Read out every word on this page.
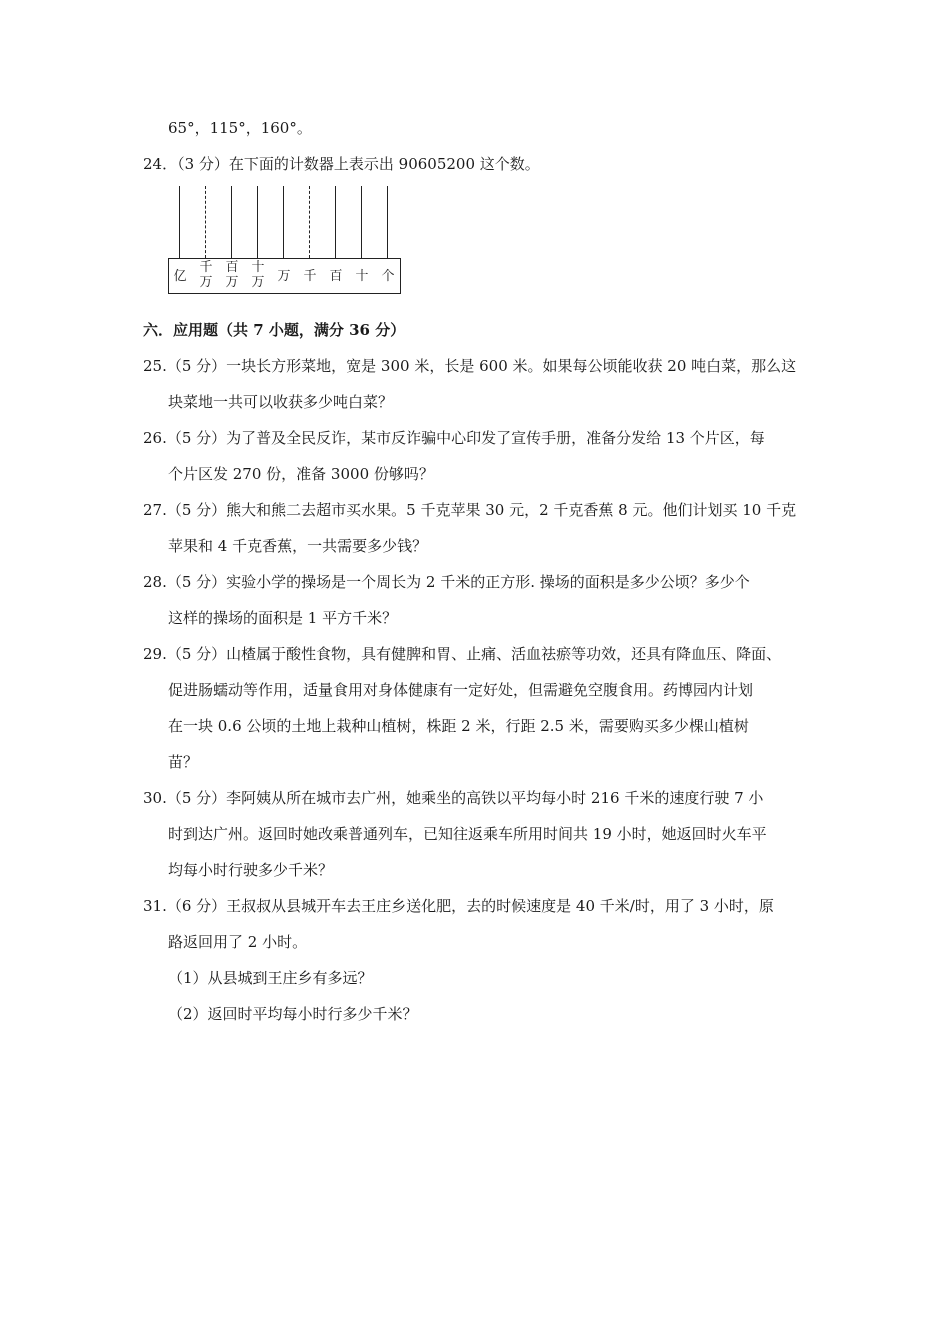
65°，115°，160°。
24．（3 分）在下面的计数器上表示出 90605200 这个数。
亿
千
万
百
万
十
万 万 千 百 十 个
六．应用题（共 7 小题，满分 36 分）
25.（5 分）一块长方形菜地，宽是 300 米，长是 600 米。如果每公顷能收获 20 吨白菜，那么这
块菜地一共可以收获多少吨白菜？
26.（5 分）为了普及全民反诈，某市反诈骗中心印发了宣传手册，准备分发给 13 个片区，每
个片区发 270 份，准备 3000 份够吗？
27.（5 分）熊大和熊二去超市买水果。5 千克苹果 30 元，2 千克香蕉 8 元。他们计划买 10 千克
苹果和 4 千克香蕉，一共需要多少钱？
28.（5 分）实验小学的操场是一个周长为 2 千米的正方形. 操场的面积是多少公顷？多少个
这样的操场的面积是 1 平方千米？
29.（5 分）山楂属于酸性食物，具有健脾和胃、止痛、活血祛瘀等功效，还具有降血压、降面、
促进肠蠕动等作用，适量食用对身体健康有一定好处，但需避免空腹食用。药博园内计划
在一块 0.6 公顷的土地上栽种山植树，株距 2 米，行距 2.5 米，需要购买多少棵山植树
苗？
30.（5 分）李阿姨从所在城市去广州，她乘坐的高铁以平均每小时 216 千米的速度行驶 7 小
时到达广州。返回时她改乘普通列车，已知往返乘车所用时间共 19 小时，她返回时火车平
均每小时行驶多少千米？
31.（6 分）王叔叔从县城开车去王庄乡送化肥，去的时候速度是 40 千米/时，用了 3 小时，原
路返回用了 2 小时。
（1）从县城到王庄乡有多远？
（2）返回时平均每小时行多少千米？
